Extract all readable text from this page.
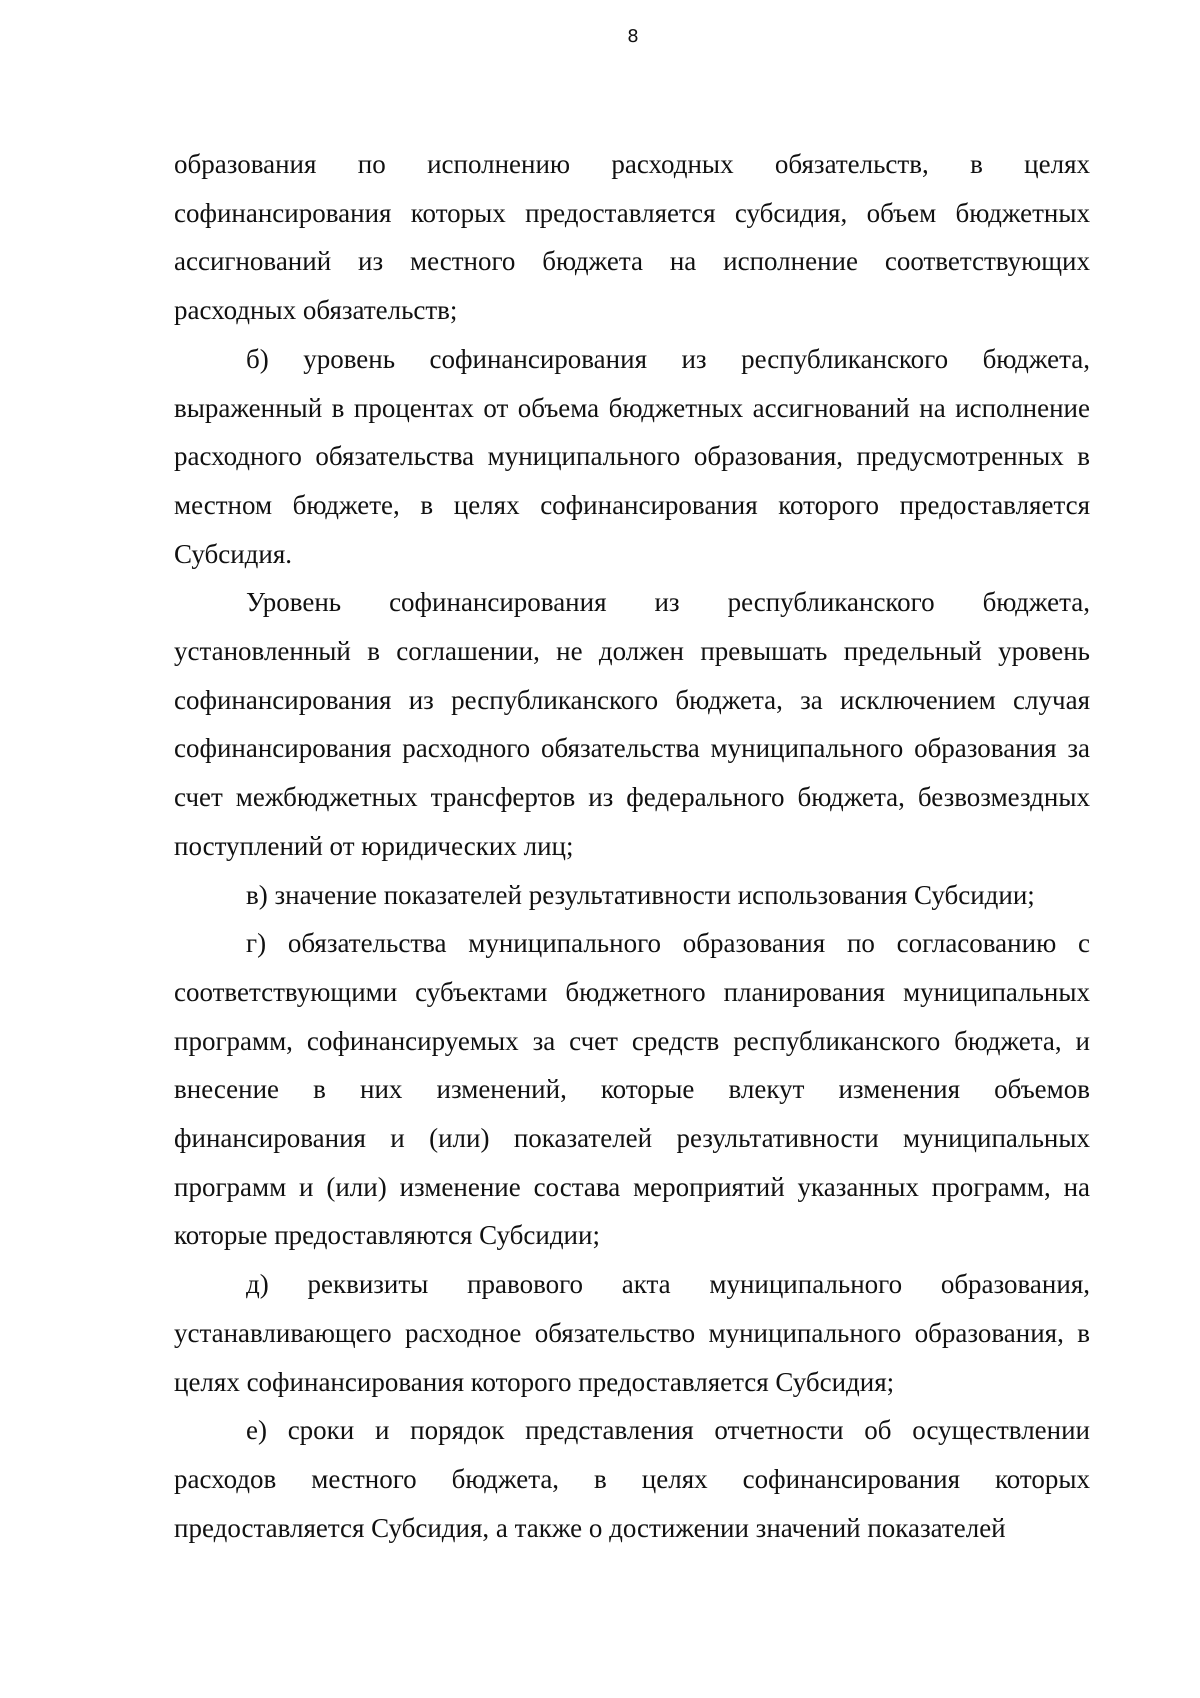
8

образования по исполнению расходных обязательств, в целях софинансирования которых предоставляется субсидия, объем бюджетных ассигнований из местного бюджета на исполнение соответствующих расходных обязательств;

б) уровень софинансирования из республиканского бюджета, выраженный в процентах от объема бюджетных ассигнований на исполнение расходного обязательства муниципального образования, предусмотренных в местном бюджете, в целях софинансирования которого предоставляется Субсидия.

Уровень софинансирования из республиканского бюджета, установленный в соглашении, не должен превышать предельный уровень софинансирования из республиканского бюджета, за исключением случая софинансирования расходного обязательства муниципального образования за счет межбюджетных трансфертов из федерального бюджета, безвозмездных поступлений от юридических лиц;

в) значение показателей результативности использования Субсидии;

г) обязательства муниципального образования по согласованию с соответствующими субъектами бюджетного планирования муниципальных программ, софинансируемых за счет средств республиканского бюджета, и внесение в них изменений, которые влекут изменения объемов финансирования и (или) показателей результативности муниципальных программ и (или) изменение состава мероприятий указанных программ, на которые предоставляются Субсидии;

д) реквизиты правового акта муниципального образования, устанавливающего расходное обязательство муниципального образования, в целях софинансирования которого предоставляется Субсидия;

е) сроки и порядок представления отчетности об осуществлении расходов местного бюджета, в целях софинансирования которых предоставляется Субсидия, а также о достижении значений показателей
